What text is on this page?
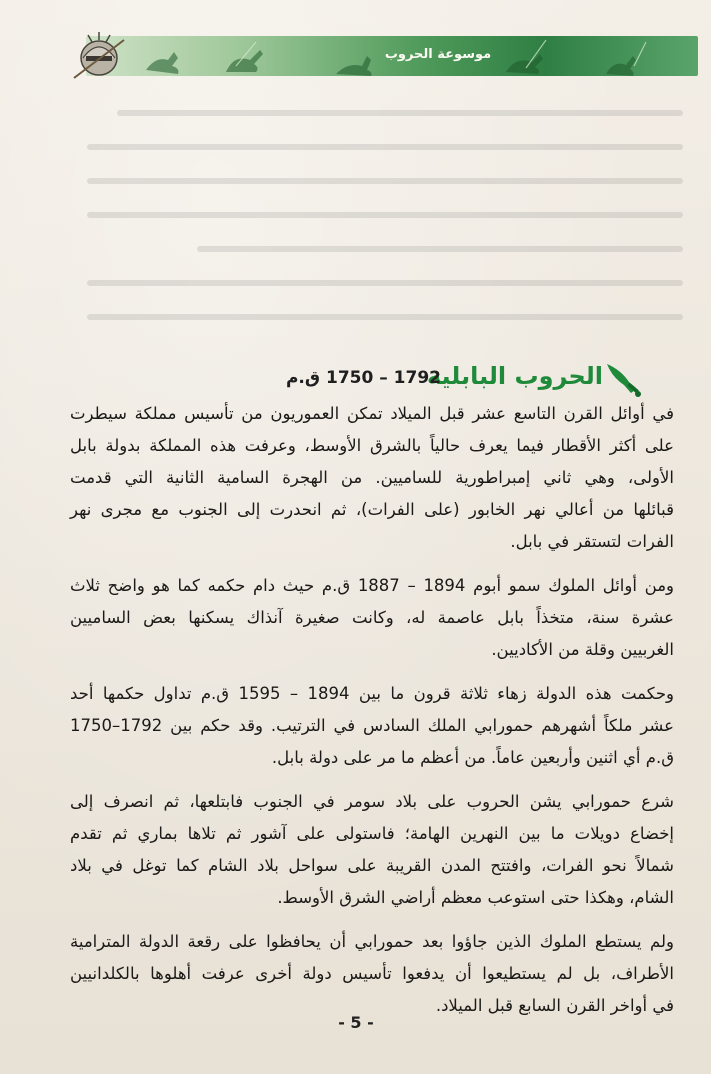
موسوعة الحروب
الحروب البابلية
1792 – 1750 ق.م

في أوائل القرن التاسع عشر قبل الميلاد تمكن العموريون من تأسيس مملكة سيطرت
على أكثر الأقطار فيما يعرف حالياً بالشرق الأوسط، وعرفت هذه المملكة بدولة بابل
الأولى، وهي ثاني إمبراطورية للساميين. من الهجرة السامية الثانية التي قدمت
قبائلها من أعالي نهر الخابور (على الفرات)، ثم انحدرت إلى الجنوب مع مجرى نهر
الفرات لتستقر في بابل.

ومن أوائل الملوك سمو أبوم 1894 – 1887 ق.م حيث دام حكمه كما هو واضح ثلاث
عشرة سنة، متخذاً بابل عاصمة له، وكانت صغيرة آنذاك يسكنها بعض الساميين
الغربيين وقلة من الأكاديين.

وحكمت هذه الدولة زهاء ثلاثة قرون ما بين 1894 – 1595 ق.م تداول حكمها أحد
عشر ملكاً أشهرهم حمورابي الملك السادس في الترتيب. وقد حكم بين 1792–1750
ق.م أي اثنين وأربعين عاماً. من أعظم ما مر على دولة بابل.

شرع حمورابي يشن الحروب على بلاد سومر في الجنوب فابتلعها، ثم انصرف إلى
إخضاع دويلات ما بين النهرين الهامة؛ فاستولى على آشور ثم تلاها بماري ثم تقدم
شمالاً نحو الفرات، وافتتح المدن القريبة على سواحل بلاد الشام كما توغل في بلاد
الشام، وهكذا حتى استوعب معظم أراضي الشرق الأوسط.

ولم يستطع الملوك الذين جاؤوا بعد حمورابي أن يحافظوا على رقعة الدولة المترامية
الأطراف، بل لم يستطيعوا أن يدفعوا تأسيس دولة أخرى عرفت أهلوها بالكلدانيين
في أواخر القرن السابع قبل الميلاد.

- 5 -
